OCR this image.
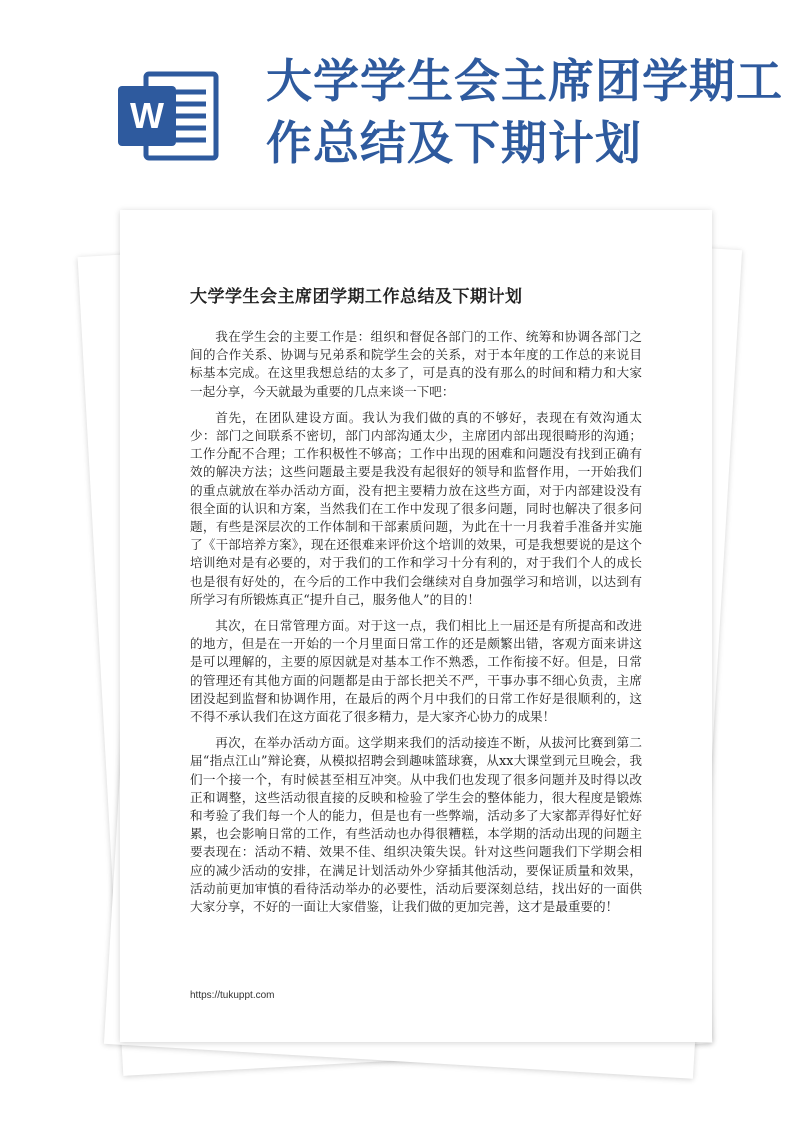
W
大学学生会主席团学期工作总结及下期计划
大学学生会主席团学期工作总结及下期计划

我在学生会的主要工作是：组织和督促各部门的工作、统筹和协调各部门之间的合作关系、协调与兄弟系和院学生会的关系，对于本年度的工作总的来说目标基本完成。在这里我想总结的太多了，可是真的没有那么的时间和精力和大家一起分享，今天就最为重要的几点来谈一下吧：

首先，在团队建设方面。我认为我们做的真的不够好，表现在有效沟通太少：部门之间联系不密切，部门内部沟通太少，主席团内部出现很畸形的沟通；工作分配不合理；工作积极性不够高；工作中出现的困难和问题没有找到正确有效的解决方法；这些问题最主要是我没有起很好的领导和监督作用，一开始我们的重点就放在举办活动方面，没有把主要精力放在这些方面，对于内部建设没有很全面的认识和方案，当然我们在工作中发现了很多问题，同时也解决了很多问题，有些是深层次的工作体制和干部素质问题，为此在十一月我着手准备并实施了《干部培养方案》，现在还很难来评价这个培训的效果，可是我想要说的是这个培训绝对是有必要的，对于我们的工作和学习十分有利的，对于我们个人的成长也是很有好处的，在今后的工作中我们会继续对自身加强学习和培训，以达到有所学习有所锻炼真正“提升自己，服务他人”的目的！

其次，在日常管理方面。对于这一点，我们相比上一届还是有所提高和改进的地方，但是在一开始的一个月里面日常工作的还是颇繁出错，客观方面来讲这是可以理解的，主要的原因就是对基本工作不熟悉，工作衔接不好。但是，日常的管理还有其他方面的问题都是由于部长把关不严，干事办事不细心负责，主席团没起到监督和协调作用，在最后的两个月中我们的日常工作好是很顺利的，这不得不承认我们在这方面花了很多精力，是大家齐心协力的成果！

再次，在举办活动方面。这学期来我们的活动接连不断，从拔河比赛到第二届“指点江山”辩论赛，从模拟招聘会到趣味篮球赛，从xx大课堂到元旦晚会，我们一个接一个，有时候甚至相互冲突。从中我们也发现了很多问题并及时得以改正和调整，这些活动很直接的反映和检验了学生会的整体能力，很大程度是锻炼和考验了我们每一个人的能力，但是也有一些弊端，活动多了大家都弄得好忙好累，也会影响日常的工作，有些活动也办得很糟糕，本学期的活动出现的问题主要表现在：活动不精、效果不佳、组织决策失误。针对这些问题我们下学期会相应的减少活动的安排，在满足计划活动外少穿插其他活动，要保证质量和效果，活动前更加审慎的看待活动举办的必要性，活动后要深刻总结，找出好的一面供大家分享，不好的一面让大家借鉴，让我们做的更加完善，这才是最重要的！

https://tukuppt.com
